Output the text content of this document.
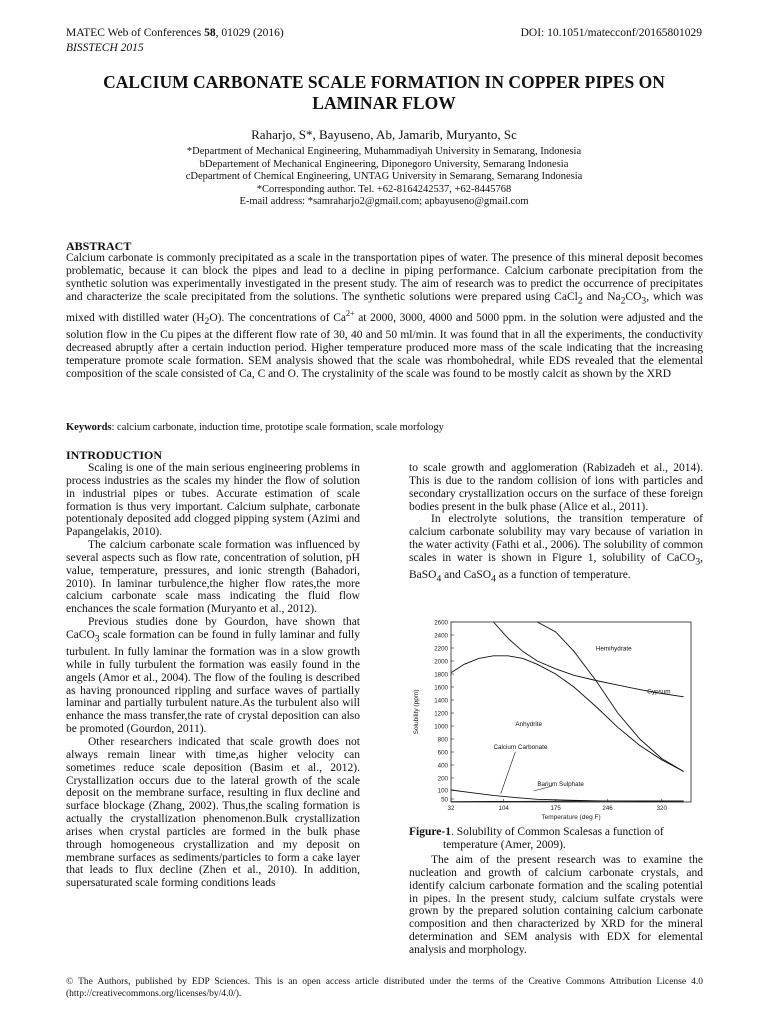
MATEC Web of Conferences 58, 01029 (2016)
BISSTECH 2015
DOI: 10.1051/matecconf/20165801029
CALCIUM CARBONATE SCALE FORMATION IN COPPER PIPES ON
LAMINAR FLOW
Raharjo, S*, Bayuseno, Ab, Jamarib, Muryanto, Sc
*Department of Mechanical Engineering, Muhammadiyah University in Semarang, Indonesia
bDepartement of Mechanical Engineering, Diponegoro University, Semarang Indonesia
cDepartment of Chemical Engineering, UNTAG University in Semarang, Semarang Indonesia
*Corresponding author. Tel. +62-8164242537, +62-8445768
E-mail address: *samraharjo2@gmail.com; apbayuseno@gmail.com
ABSTRACT
Calcium carbonate is commonly precipitated as a scale in the transportation pipes of water. The presence of this mineral deposit becomes problematic, because it can block the pipes and lead to a decline in piping performance. Calcium carbonate precipitation from the synthetic solution was experimentally investigated in the present study. The aim of research was to predict the occurrence of precipitates and characterize the scale precipitated from the solutions. The synthetic solutions were prepared using CaCl$_2$ and $Na_2CO_3$, which was mixed with distilled water $(H_2O)$. The concentrations of $Ca^{2+}$ at 2000, 3000, 4000 and 5000 ppm. in the solution were adjusted and the solution flow in the Cu pipes at the different flow rate of 30, 40 and 50 ml/min. It was found that in all the experiments, the conductivity decreased abruptly after a certain induction period. Higher temperature produced more mass of the scale indicating that the increasing temperature promote scale formation. SEM analysis showed that the scale was rhombohedral, while EDS revealed that the elemental composition of the scale consisted of Ca, C and O. The crystalinity of the scale was found to be mostly calcit as shown by the XRD
Keywords: calcium carbonate, induction time, prototipe scale formation, scale morfology
INTRODUCTION

Scaling is one of the main serious engineering problems in process industries as the scales my hinder the flow of solution in industrial pipes or tubes. Accurate estimation of scale formation is thus very important. Calcium sulphate, carbonate potentionaly deposited add clogged pipping system (Azimi and Papangelakis, 2010).

The calcium carbonate scale formation was influenced by several aspects such as flow rate, concentration of solution, pH value, temperature, pressures, and ionic strength (Bahadori, 2010). In laminar turbulence,the higher flow rates,the more calcium carbonate scale mass indicating the fluid flow enchances the scale formation (Muryanto et al., 2012).

Previous studies done by Gourdon, have shown that CaCO$_3$ scale formation can be found in fully laminar and fully turbulent. In fully laminar the formation was in a slow growth while in fully turbulent the formation was easily found in the angels (Amor et al., 2004). The flow of the fouling is described as having pronounced rippling and surface waves of partially laminar and partially turbulent nature.As the turbulent also will enhance the mass transfer,the rate of crystal deposition can also be promoted (Gourdon, 2011).

Other researchers indicated that scale growth does not always remain linear with time,as higher velocity can sometimes reduce scale deposition (Basim et al., 2012). Crystallization occurs due to the lateral growth of the scale deposit on the membrane surface, resulting in flux decline and surface blockage (Zhang, 2002). Thus,the scaling formation is actually the crystallization phenomenon.Bulk crystallization arises when crystal particles are formed in the bulk phase through homogeneous crystallization and my deposit on membrane surfaces as sediments/particles to form a cake layer that leads to flux decline (Zhen et al., 2010). In addition, supersaturated scale forming conditions leads

to scale growth and agglomeration (Rabizadeh et al., 2014). This is due to the random collision of ions with particles and secondary crystallization occurs on the surface of these foreign bodies present in the bulk phase (Alice et al., 2011).

In electrolyte solutions, the transition temperature of calcium carbonate solubility may vary because of variation in the water activity (Fathi et al., 2006). The solubility of common scales in water is shown in Figure 1, solubility of CaCO$_3$, BaSO$_4$ and CaSO$_4$ as a function of temperature.

2600
2400
2200
2000
1800
1600
1400
1200
1000
800
600
400
200
100
50
32	104	175	246	320
Temperature (deg F)
Solubility (ppm)
Hemihydrate
Gypsum
Anhydrite
Calcium Carbonate
Barium Sulphate
Figure-1. Solubility of Common Scalesas a function of
temperature (Amer, 2009).

The aim of the present research was to examine the nucleation and growth of calcium carbonate crystals, and identify calcium carbonate formation and the scaling potential in pipes. In the present study, calcium sulfate crystals were grown by the prepared solution containing calcium carbonate composition and then characterized by XRD for the mineral determination and SEM analysis with EDX for elemental analysis and morphology.

© The Authors, published by EDP Sciences. This is an open access article distributed under the terms of the Creative Commons Attribution License 4.0 (http://creativecommons.org/licenses/by/4.0/).
